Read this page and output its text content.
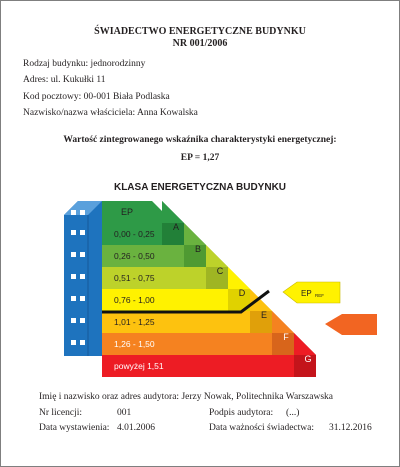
ŚWIADECTWO ENERGETYCZNE BUDYNKU
NR 001/2006
Rodzaj budynku: jednorodzinny
Adres: ul. Kukułki 11
Kod pocztowy: 00-001 Biała Podlaska
Nazwisko/nazwa właściciela: Anna Kowalska
Wartość zintegrowanego wskaźnika charakterystyki energetycznej:
EP = 1,27
KLASA ENERGETYCZNA BUDYNKU
EP
0,00 - 0,25
A
0,26 - 0,50
B
0,51 - 0,75
C
0,76 - 1,00
D
1,01 - 1,25
E
1,26 - 1,50
F
powyżej 1,51
G
EP REF
Imię i nazwisko oraz adres audytora: Jerzy Nowak, Politechnika Warszawska
Nr licencji:	001	Podpis audytora: (...)
Data wystawienia: 4.01.2006	Data ważności świadectwa: 31.12.2016
